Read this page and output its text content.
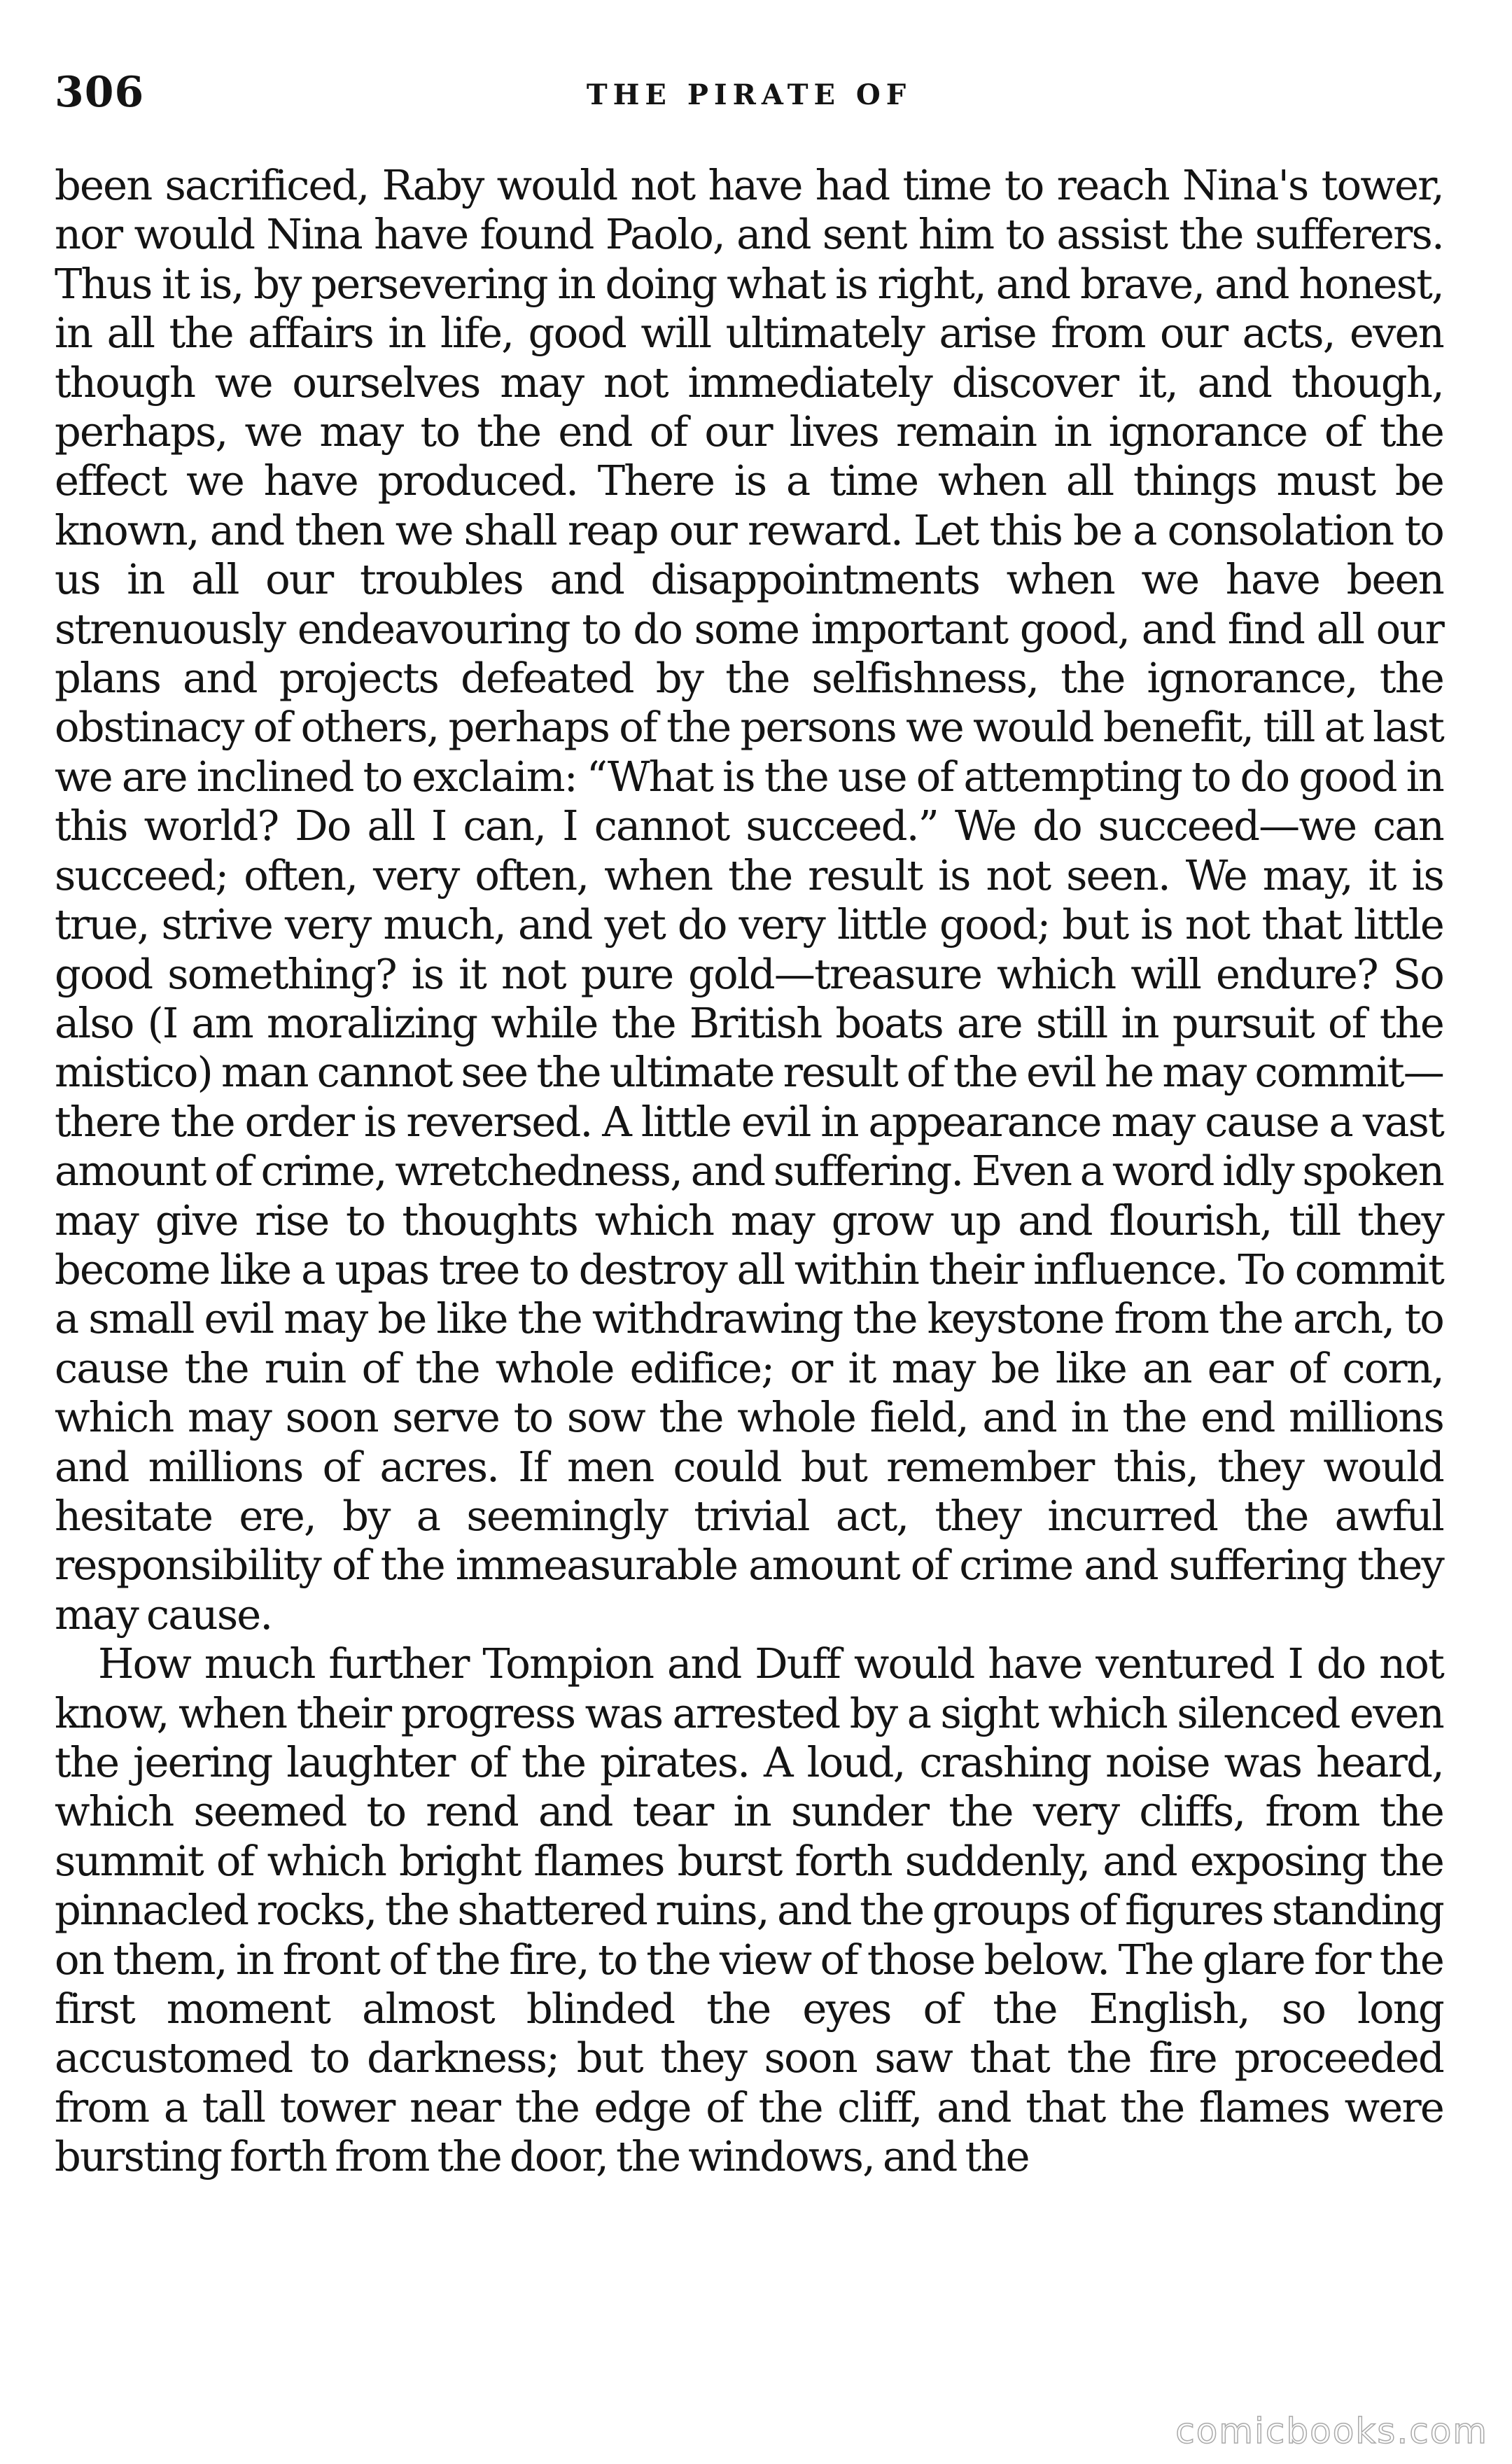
306	THE PIRATE OF

been sacrificed, Raby would not have had time to reach Nina's tower, nor would Nina have found Paolo, and sent him to assist the sufferers. Thus it is, by persevering in doing what is right, and brave, and honest, in all the affairs in life, good will ultimately arise from our acts, even though we ourselves may not immediately discover it, and though, perhaps, we may to the end of our lives remain in ignorance of the effect we have produced. There is a time when all things must be known, and then we shall reap our reward. Let this be a consolation to us in all our troubles and disappointments when we have been strenuously endeavouring to do some important good, and find all our plans and projects defeated by the selfishness, the ignorance, the obstinacy of others, perhaps of the persons we would benefit, till at last we are inclined to exclaim: “What is the use of attempting to do good in this world? Do all I can, I cannot succeed.” We do succeed—we can succeed; often, very often, when the result is not seen. We may, it is true, strive very much, and yet do very little good; but is not that little good something? is it not pure gold—treasure which will endure? So also (I am moralizing while the British boats are still in pursuit of the mistico) man cannot see the ultimate result of the evil he may commit—there the order is reversed. A little evil in appearance may cause a vast amount of crime, wretchedness, and suffering. Even a word idly spoken may give rise to thoughts which may grow up and flourish, till they become like a upas tree to destroy all within their influence. To commit a small evil may be like the withdrawing the keystone from the arch, to cause the ruin of the whole edifice; or it may be like an ear of corn, which may soon serve to sow the whole field, and in the end millions and millions of acres. If men could but remember this, they would hesitate ere, by a seemingly trivial act, they incurred the awful responsibility of the immeasurable amount of crime and suffering they may cause.

How much further Tompion and Duff would have ventured I do not know, when their progress was arrested by a sight which silenced even the jeering laughter of the pirates. A loud, crashing noise was heard, which seemed to rend and tear in sunder the very cliffs, from the summit of which bright flames burst forth suddenly, and exposing the pinnacled rocks, the shattered ruins, and the groups of figures standing on them, in front of the fire, to the view of those below. The glare for the first moment almost blinded the eyes of the English, so long accustomed to darkness; but they soon saw that the fire proceeded from a tall tower near the edge of the cliff, and that the flames were bursting forth from the door, the windows, and the

comicbooks.com
